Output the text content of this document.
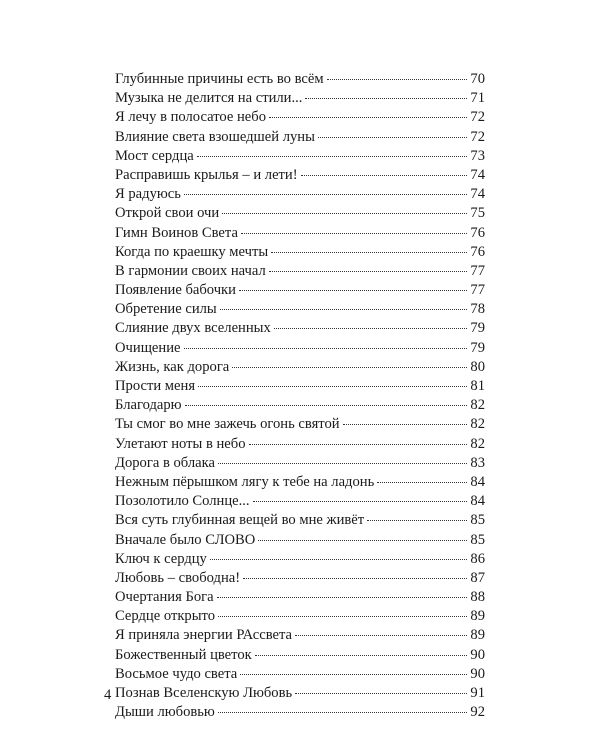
Глубинные причины есть во всём	70
Музыка не делится на стили...	71
Я лечу в полосатое небо	72
Влияние света взошедшей луны	72
Мост сердца	73
Расправишь крылья – и лети!	74
Я радуюсь	74
Открой свои очи	75
Гимн Воинов Света	76
Когда по краешку мечты	76
В гармонии своих начал	77
Появление бабочки	77
Обретение силы	78
Слияние двух вселенных	79
Очищение	79
Жизнь, как дорога	80
Прости меня	81
Благодарю	82
Ты смог во мне зажечь огонь святой	82
Улетают ноты в небо	82
Дорога в облака	83
Нежным пёрышком лягу к тебе на ладонь	84
Позолотило Солнце...	84
Вся суть глубинная вещей во мне живёт	85
Вначале было СЛОВО	85
Ключ к сердцу	86
Любовь – свободна!	87
Очертания Бога	88
Сердце открыто	89
Я приняла энергии РАссвета	89
Божественный цветок	90
Восьмое чудо света	90
Познав Вселенскую Любовь	91
Дыши любовью	92
4
